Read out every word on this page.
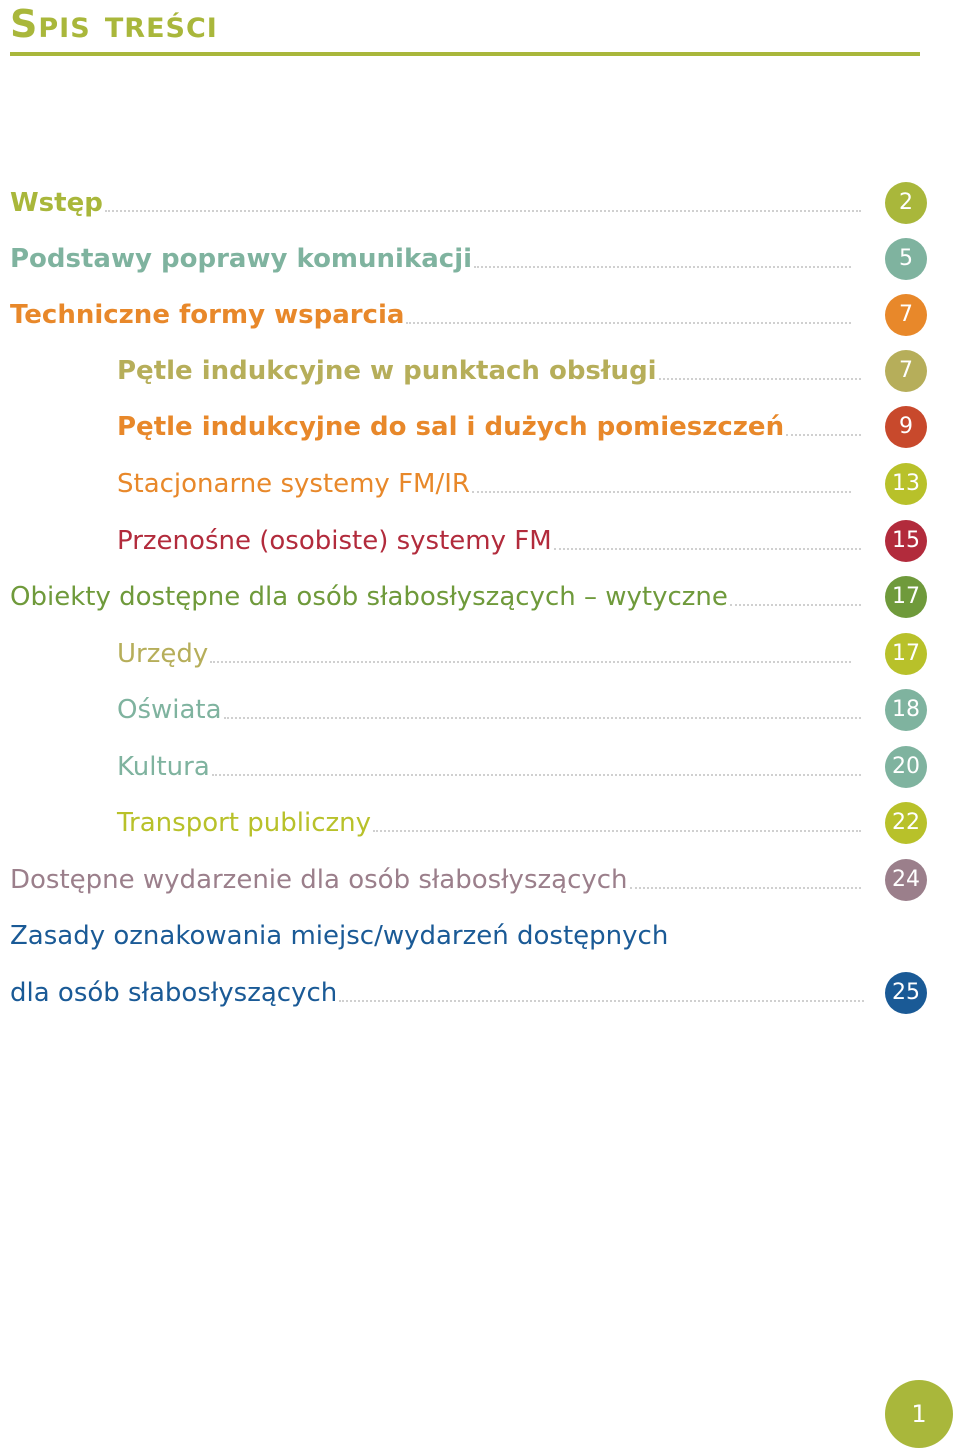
Spis treści
Wstęp	2
Podstawy poprawy komunikacji	5
Techniczne formy wsparcia	7
Pętle indukcyjne w punktach obsługi	7
Pętle indukcyjne do sal i dużych pomieszczeń	9
Stacjonarne systemy FM/IR	13
Przenośne (osobiste) systemy FM	15
Obiekty dostępne dla osób słabosłyszących – wytyczne	17
Urzędy	17
Oświata	18
Kultura	20
Transport publiczny	22
Dostępne wydarzenie dla osób słabosłyszących	24
Zasady oznakowania miejsc/wydarzeń dostępnych
dla osób słabosłyszących	25
1
